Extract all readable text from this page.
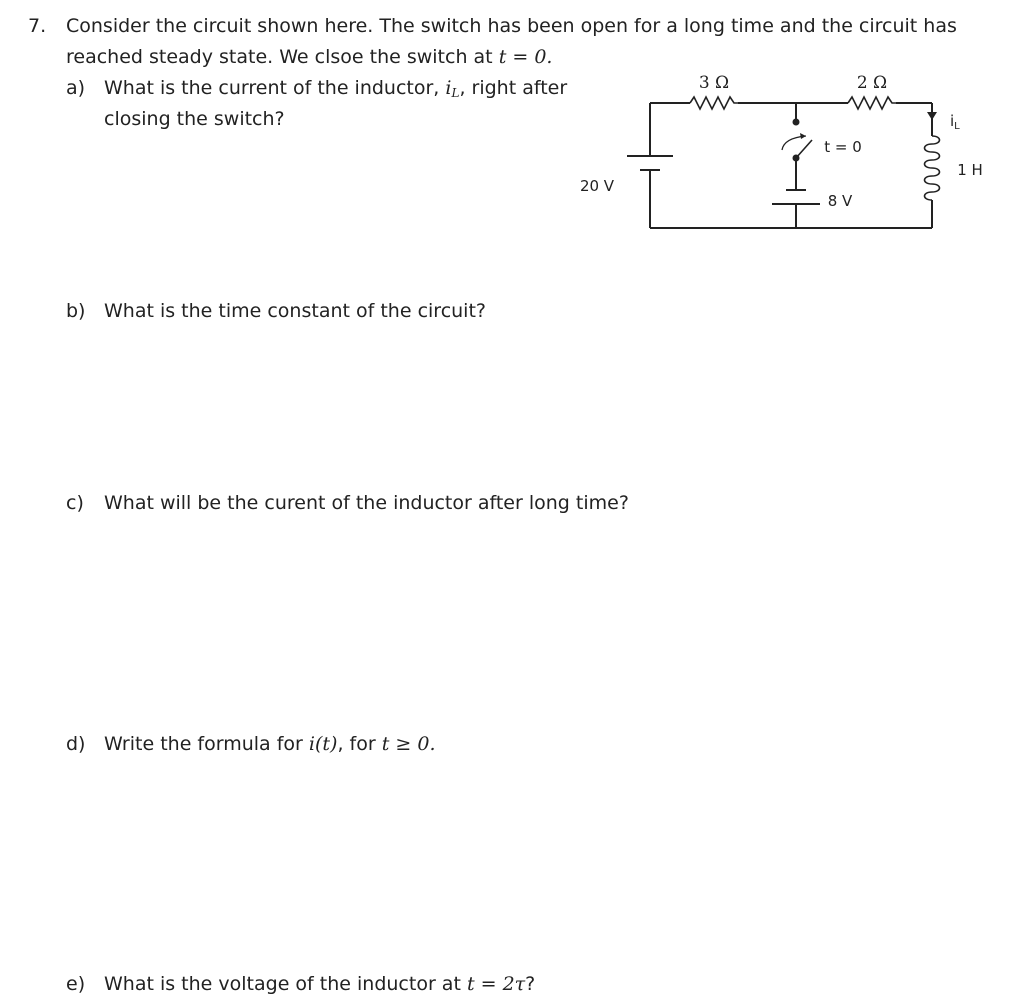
7. Consider the circuit shown here. The switch has been open for a long time and the circuit has
reached steady state. We clsoe the switch at t = 0.
a) What is the current of the inductor, $i_L$, right after
closing the switch?
b) What is the time constant of the circuit?
c) What will be the curent of the inductor after long time?
d) Write the formula for i(t), for t ≥ 0.
e) What is the voltage of the inductor at t = 2τ?
20 V
8 V
3 Ω	2 Ω
t = 0
$i_L$
1 H
